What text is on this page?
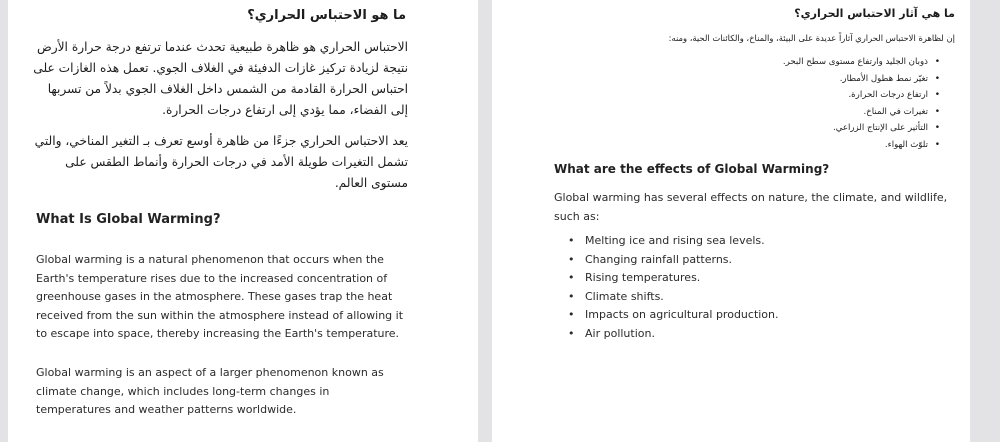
ما هو الاحتباس الحراري؟

الاحتباس الحراري هو ظاهرة طبيعية تحدث عندما ترتفع درجة حرارة الأرض نتيجة لزيادة تركيز غازات الدفيئة في الغلاف الجوي. تعمل هذه الغازات على احتباس الحرارة القادمة من الشمس داخل الغلاف الجوي بدلاً من تسربها إلى الفضاء، مما يؤدي إلى ارتفاع درجات الحرارة.

يعد الاحتباس الحراري جزءًا من ظاهرة أوسع تعرف بـ التغير المناخي، والتي تشمل التغيرات طويلة الأمد في درجات الحرارة وأنماط الطقس على مستوى العالم.

What Is Global Warming?

Global warming is a natural phenomenon that occurs when the Earth's temperature rises due to the increased concentration of greenhouse gases in the atmosphere. These gases trap the heat received from the sun within the atmosphere instead of allowing it to escape into space, thereby increasing the Earth's temperature.

Global warming is an aspect of a larger phenomenon known as climate change, which includes long-term changes in temperatures and weather patterns worldwide.

ما هي آثار الاحتباس الحراري؟

إن لظاهرة الاحتباس الحراري آثاراً عديدة على البيئة، والمناخ، والكائنات الحية، ومنه:

• ذوبان الجليد وارتفاع مستوى سطح البحر.
• تغيّر نمط هطول الأمطار.
• ارتفاع درجات الحرارة.
• تغيرات في المناخ.
• التأثير على الإنتاج الزراعي.
• تلوّث الهواء.
What are the effects of Global Warming?

Global warming has several effects on nature, the climate, and wildlife, such as:

• Melting ice and rising sea levels.
• Changing rainfall patterns.
• Rising temperatures.
• Climate shifts.
• Impacts on agricultural production.
• Air pollution.
